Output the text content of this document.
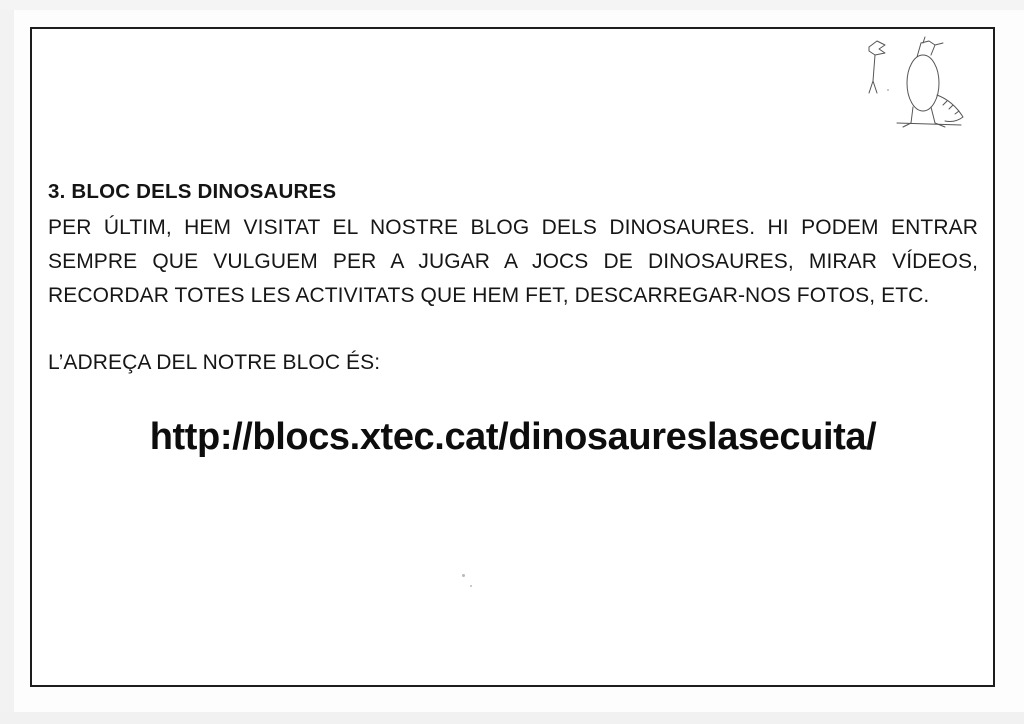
3. BLOC DELS DINOSAURES

PER ÚLTIM, HEM VISITAT EL NOSTRE BLOG DELS DINOSAURES. HI PODEM ENTRAR SEMPRE QUE VULGUEM PER A JUGAR A JOCS DE DINOSAURES, MIRAR VÍDEOS, RECORDAR TOTES LES ACTIVITATS QUE HEM FET, DESCARREGAR-NOS FOTOS, ETC.

L’ADREÇA DEL NOTRE BLOC ÉS:

http://blocs.xtec.cat/dinosaureslasecuita/
